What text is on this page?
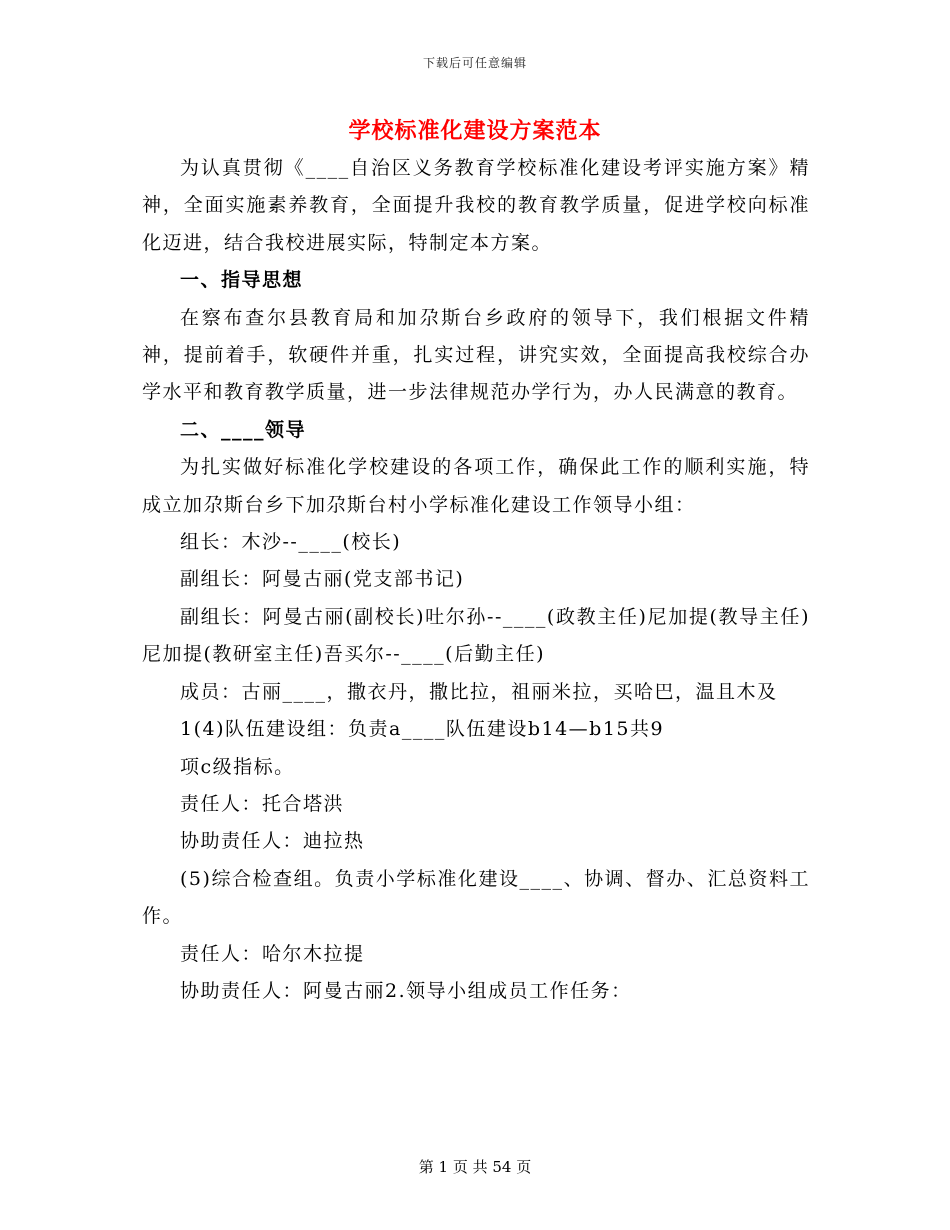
下载后可任意编辑
学校标准化建设方案范本

为认真贯彻《____自治区义务教育学校标准化建设考评实施方案》精神，全面实施素养教育，全面提升我校的教育教学质量，促进学校向标准化迈进，结合我校进展实际，特制定本方案。

一、指导思想

在察布查尔县教育局和加尕斯台乡政府的领导下，我们根据文件精神，提前着手，软硬件并重，扎实过程，讲究实效，全面提高我校综合办学水平和教育教学质量，进一步法律规范办学行为，办人民满意的教育。

二、____领导

为扎实做好标准化学校建设的各项工作，确保此工作的顺利实施，特成立加尕斯台乡下加尕斯台村小学标准化建设工作领导小组：

组长：木沙--____(校长)

副组长：阿曼古丽(党支部书记)

副组长：阿曼古丽(副校长)吐尔孙--____(政教主任)尼加提(教导主任)尼加提(教研室主任)吾买尔--____(后勤主任)

成员：古丽____，撒衣丹，撒比拉，祖丽米拉，买哈巴，温且木及

1(4)队伍建设组：负责a____队伍建设b14—b15共9

项c级指标。

责任人：托合塔洪

协助责任人：迪拉热

(5)综合检查组。负责小学标准化建设____、协调、督办、汇总资料工作。

责任人：哈尔木拉提

协助责任人：阿曼古丽2.领导小组成员工作任务：

第 1 页 共 54 页
